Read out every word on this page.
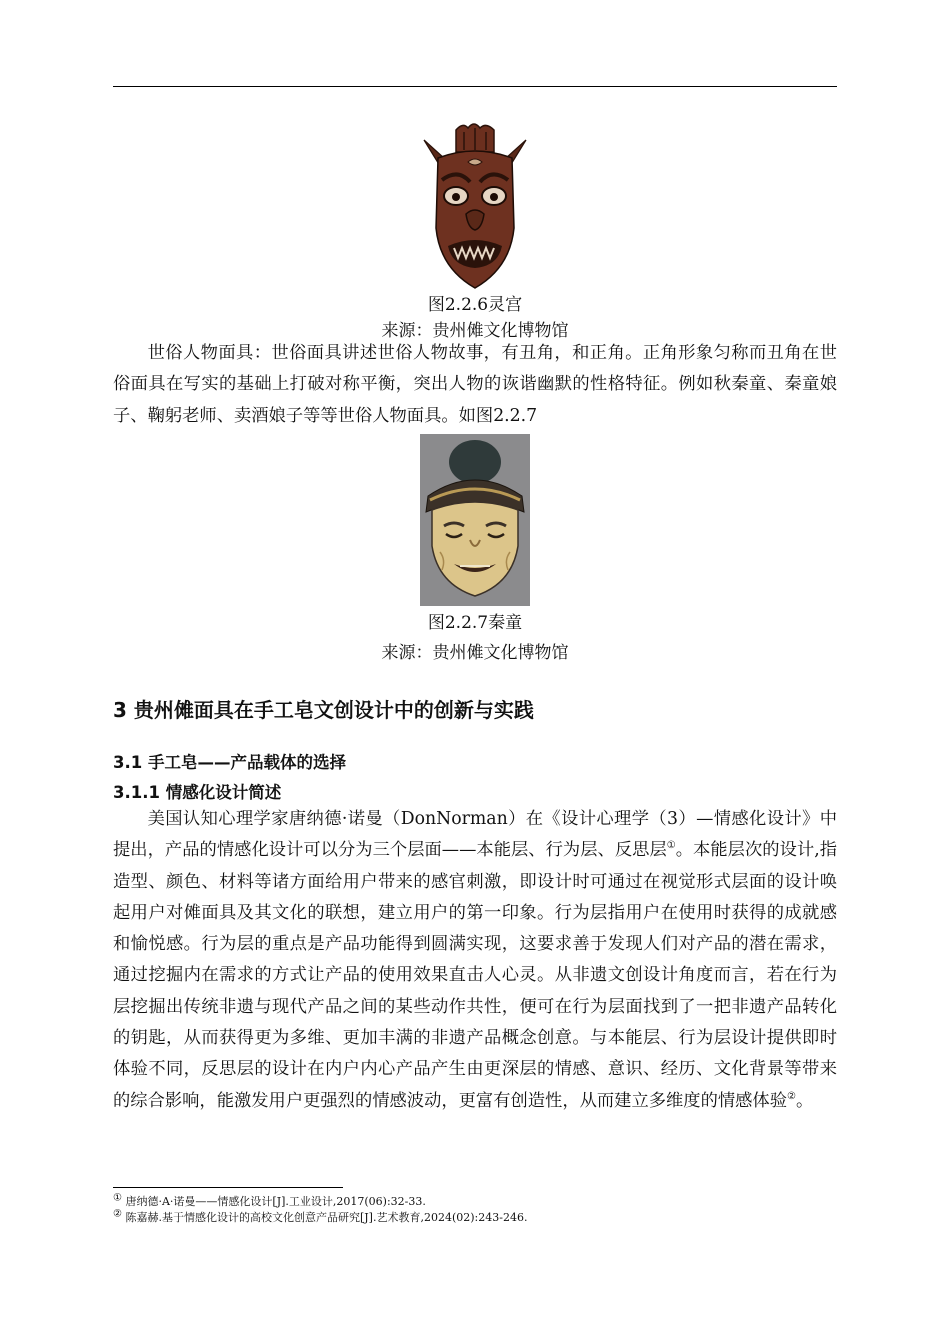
图2.2.6灵宫
来源：贵州傩文化博物馆

世俗人物面具：世俗面具讲述世俗人物故事，有丑角，和正角。正角形象匀称而丑角在世俗面具在写实的基础上打破对称平衡，突出人物的诙谐幽默的性格特征。例如秋秦童、秦童娘子、鞠躬老师、卖酒娘子等等世俗人物面具。如图2.2.7

图2.2.7秦童
来源：贵州傩文化博物馆
3 贵州傩面具在手工皂文创设计中的创新与实践
3.1 手工皂——产品载体的选择
3.1.1 情感化设计简述

美国认知心理学家唐纳德·诺曼（DonNorman）在《设计心理学（3）—情感化设计》中提出，产品的情感化设计可以分为三个层面——本能层、行为层、反思层①。本能层次的设计,指造型、颜色、材料等诸方面给用户带来的感官刺激，即设计时可通过在视觉形式层面的设计唤起用户对傩面具及其文化的联想，建立用户的第一印象。行为层指用户在使用时获得的成就感和愉悦感。行为层的重点是产品功能得到圆满实现，这要求善于发现人们对产品的潜在需求，通过挖掘内在需求的方式让产品的使用效果直击人心灵。从非遗文创设计角度而言，若在行为层挖掘出传统非遗与现代产品之间的某些动作共性，便可在行为层面找到了一把非遗产品转化的钥匙，从而获得更为多维、更加丰满的非遗产品概念创意。与本能层、行为层设计提供即时体验不同，反思层的设计在内户内心产品产生由更深层的情感、意识、经历、文化背景等带来的综合影响，能激发用户更强烈的情感波动，更富有创造性，从而建立多维度的情感体验②。

① 唐纳德·A·诺曼——情感化设计[J].工业设计,2017(06):32-33.

② 陈嘉赫.基于情感化设计的高校文化创意产品研究[J].艺术教育,2024(02):243-246.
